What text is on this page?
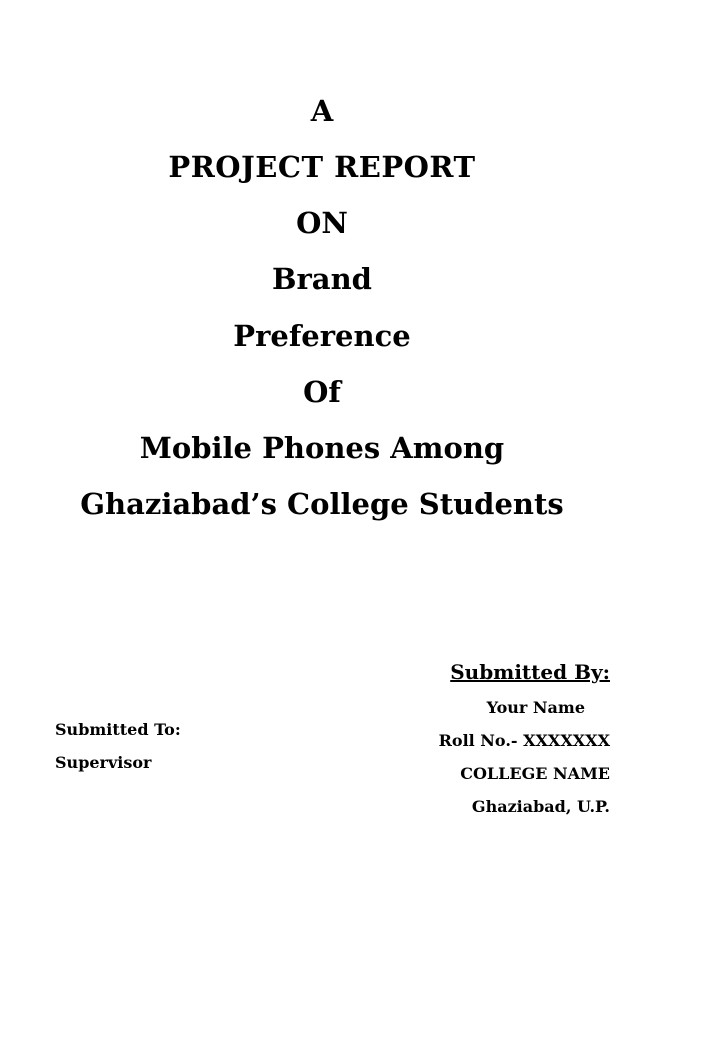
A
PROJECT REPORT
ON
Brand
Preference
Of
Mobile Phones Among
Ghaziabad’s College Students
Submitted By:
Your Name
Roll No.- XXXXXXX
COLLEGE NAME
Ghaziabad, U.P.
Submitted To:
Supervisor
